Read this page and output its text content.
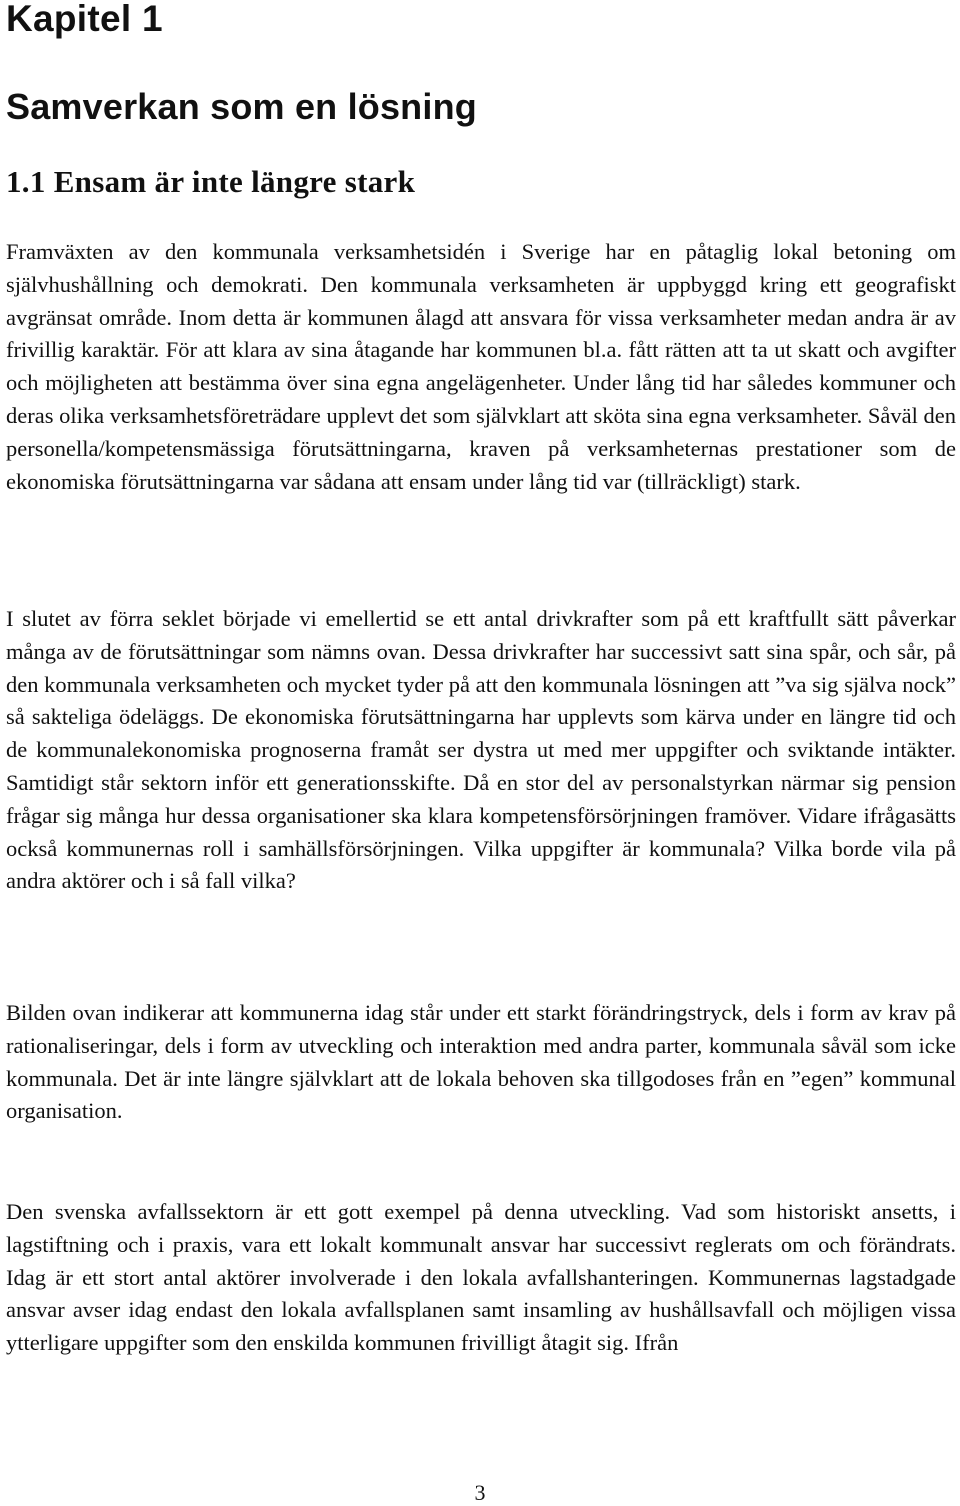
Kapitel 1
Samverkan som en lösning
1.1 Ensam är inte längre stark

Framväxten av den kommunala verksamhetsidén i Sverige har en påtaglig lokal betoning om självhushållning och demokrati. Den kommunala verksamheten är uppbyggd kring ett geografiskt avgränsat område. Inom detta är kommunen ålagd att ansvara för vissa verksamheter medan andra är av frivillig karaktär. För att klara av sina åtagande har kommunen bl.a. fått rätten att ta ut skatt och avgifter och möjligheten att bestämma över sina egna angelägenheter. Under lång tid har således kommuner och deras olika verksamhetsföreträdare upplevt det som självklart att sköta sina egna verksamheter. Såväl den personella/kompetensmässiga förutsättningarna, kraven på verksamheternas prestationer som de ekonomiska förutsättningarna var sådana att ensam under lång tid var (tillräckligt) stark.

I slutet av förra seklet började vi emellertid se ett antal drivkrafter som på ett kraftfullt sätt påverkar många av de förutsättningar som nämns ovan. Dessa drivkrafter har successivt satt sina spår, och sår, på den kommunala verksamheten och mycket tyder på att den kommunala lösningen att ”va sig själva nock” så sakteliga ödeläggs. De ekonomiska förutsättningarna har upplevts som kärva under en längre tid och de kommunalekonomiska prognoserna framåt ser dystra ut med mer uppgifter och sviktande intäkter. Samtidigt står sektorn inför ett generationsskifte. Då en stor del av personalstyrkan närmar sig pension frågar sig många hur dessa organisationer ska klara kompetensförsörjningen framöver. Vidare ifrågasätts också kommunernas roll i samhällsförsörjningen. Vilka uppgifter är kommunala? Vilka borde vila på andra aktörer och i så fall vilka?

Bilden ovan indikerar att kommunerna idag står under ett starkt förändringstryck, dels i form av krav på rationaliseringar, dels i form av utveckling och interaktion med andra parter, kommunala såväl som icke kommunala. Det är inte längre självklart att de lokala behoven ska tillgodoses från en ”egen” kommunal organisation.

Den svenska avfallssektorn är ett gott exempel på denna utveckling. Vad som historiskt ansetts, i lagstiftning och i praxis, vara ett lokalt kommunalt ansvar har successivt reglerats om och förändrats. Idag är ett stort antal aktörer involverade i den lokala avfallshanteringen. Kommunernas lagstadgade ansvar avser idag endast den lokala avfallsplanen samt insamling av hushållsavfall och möjligen vissa ytterligare uppgifter som den enskilda kommunen frivilligt åtagit sig. Ifrån

3
